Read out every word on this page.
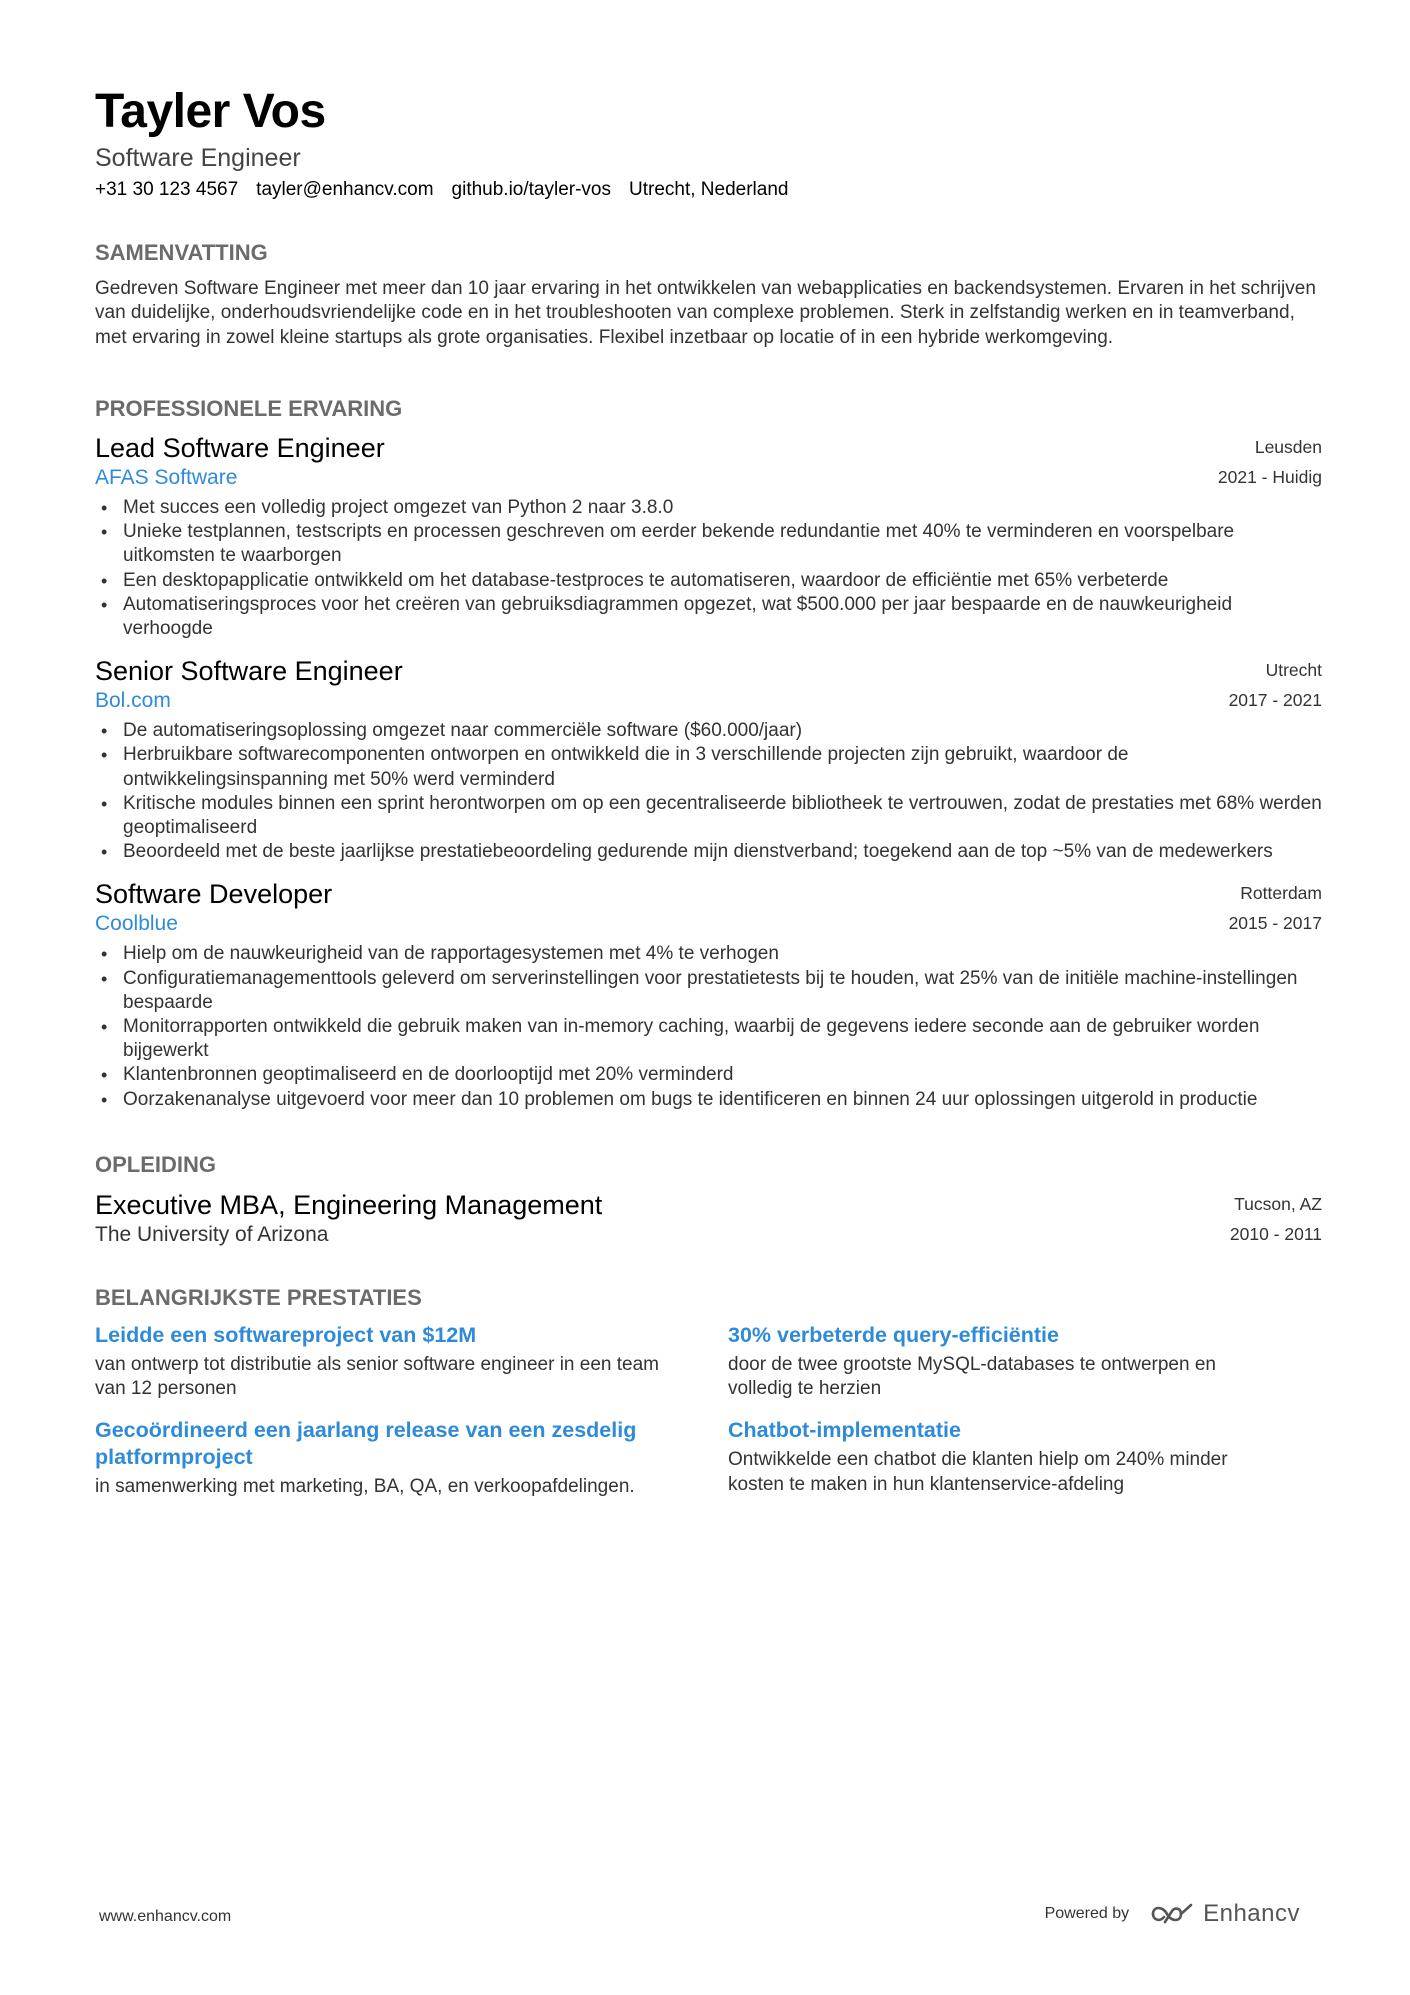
Tayler Vos
Software Engineer
+31 30 123 4567 tayler@enhancv.com github.io/tayler-vos Utrecht, Nederland
SAMENVATTING
Gedreven Software Engineer met meer dan 10 jaar ervaring in het ontwikkelen van webapplicaties en backendsystemen. Ervaren in het schrijven van duidelijke, onderhoudsvriendelijke code en in het troubleshooten van complexe problemen. Sterk in zelfstandig werken en in teamverband, met ervaring in zowel kleine startups als grote organisaties. Flexibel inzetbaar op locatie of in een hybride werkomgeving.
PROFESSIONELE ERVARING
Lead Software Engineer
AFAS Software
Leusden
2021 - Huidig
• Met succes een volledig project omgezet van Python 2 naar 3.8.0
• Unieke testplannen, testscripts en processen geschreven om eerder bekende redundantie met 40% te verminderen en voorspelbare uitkomsten te waarborgen
• Een desktopapplicatie ontwikkeld om het database-testproces te automatiseren, waardoor de efficiëntie met 65% verbeterde
• Automatiseringsproces voor het creëren van gebruiksdiagrammen opgezet, wat $500.000 per jaar bespaarde en de nauwkeurigheid verhoogde
Senior Software Engineer
Bol.com
Utrecht
2017 - 2021
• De automatiseringsoplossing omgezet naar commerciële software ($60.000/jaar)
• Herbruikbare softwarecomponenten ontworpen en ontwikkeld die in 3 verschillende projecten zijn gebruikt, waardoor de ontwikkelingsinspanning met 50% werd verminderd
• Kritische modules binnen een sprint herontworpen om op een gecentraliseerde bibliotheek te vertrouwen, zodat de prestaties met 68% werden geoptimaliseerd
• Beoordeeld met de beste jaarlijkse prestatiebeoordeling gedurende mijn dienstverband; toegekend aan de top ~5% van de medewerkers
Software Developer
Coolblue
Rotterdam
2015 - 2017
• Hielp om de nauwkeurigheid van de rapportagesystemen met 4% te verhogen
• Configuratiemanagementtools geleverd om serverinstellingen voor prestatietests bij te houden, wat 25% van de initiële machine-instellingen bespaarde
• Monitorrapporten ontwikkeld die gebruik maken van in-memory caching, waarbij de gegevens iedere seconde aan de gebruiker worden bijgewerkt
• Klantenbronnen geoptimaliseerd en de doorlooptijd met 20% verminderd
• Oorzakenanalyse uitgevoerd voor meer dan 10 problemen om bugs te identificeren en binnen 24 uur oplossingen uitgerold in productie
OPLEIDING
Executive MBA, Engineering Management
The University of Arizona
Tucson, AZ
2010 - 2011
BELANGRIJKSTE PRESTATIES
Leidde een softwareproject van $12M
van ontwerp tot distributie als senior software engineer in een team van 12 personen
30% verbeterde query-efficiëntie
door de twee grootste MySQL-databases te ontwerpen en volledig te herzien
Gecoördineerd een jaarlang release van een zesdelig platformproject
in samenwerking met marketing, BA, QA, en verkoopafdelingen.
Chatbot-implementatie
Ontwikkelde een chatbot die klanten hielp om 240% minder kosten te maken in hun klantenservice-afdeling
www.enhancv.com	Powered by	Enhancv
